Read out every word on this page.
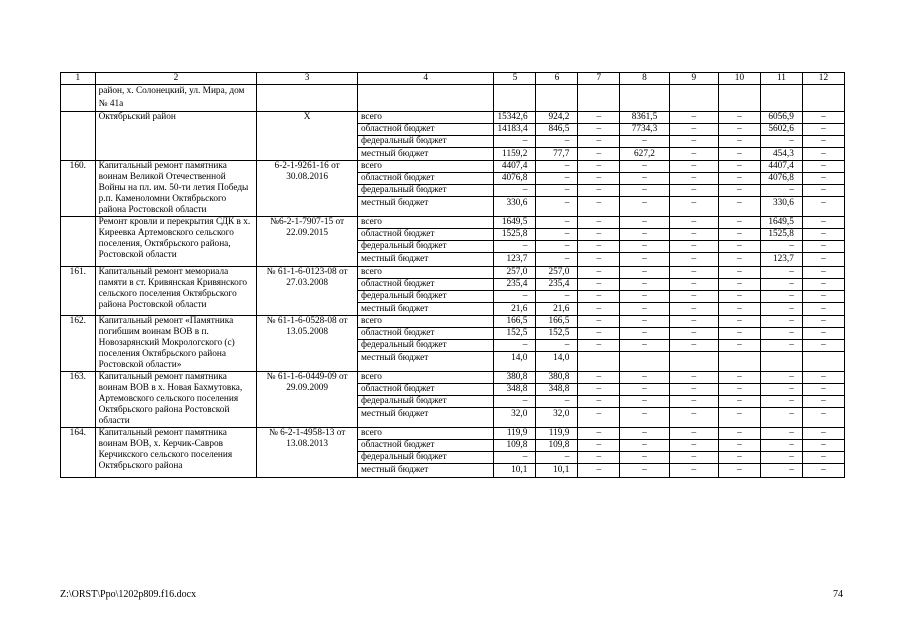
1	2	3	4	5	6	7	8	9	10	11	12
	район, х. Солонецкий, ул. Мира, дом № 41а										
	Октябрьский район	Х	всего	15342,6	924,2	–	8361,5	–	–	6056,9	–
			областной бюджет	14183,4	846,5	–	7734,3	–	–	5602,6	–
			федеральный бюджет	–	–	–	–	–	–	–	–
			местный бюджет	1159,2	77,7	–	627,2	–	–	454,3	–
160.	Капитальный ремонт памятника воинам Великой Отечественной Войны на пл. им. 50-ти летия Победы р.п. Каменоломни Октябрьского района Ростовской области	6-2-1-9261-16 от 30.08.2016	всего	4407,4	–	–	–	–	–	4407,4	–
			областной бюджет	4076,8	–	–	–	–	–	4076,8	–
			федеральный бюджет	–	–	–	–	–	–	–	–
			местный бюджет	330,6	–	–	–	–	–	330,6	–
	Ремонт кровли и перекрытия СДК в х. Киреевка Артемовского сельского поселения, Октябрьского района, Ростовской области	№6-2-1-7907-15 от 22.09.2015	всего	1649,5	–	–	–	–	–	1649,5	–
			областной бюджет	1525,8	–	–	–	–	–	1525,8	–
			федеральный бюджет	–	–	–	–	–	–	–	–
			местный бюджет	123,7	–	–	–	–	–	123,7	–
161.	Капитальный ремонт мемориала памяти в ст. Кривянская Кривянского сельского поселения Октябрьского района Ростовской области	№ 61-1-6-0123-08 от 27.03.2008	всего	257,0	257,0	–	–	–	–	–	–
			областной бюджет	235,4	235,4	–	–	–	–	–	–
			федеральный бюджет	–	–	–	–	–	–	–	–
			местный бюджет	21,6	21,6	–	–	–	–	–	–
162.	Капитальный ремонт «Памятника погибшим воинам ВОВ в п. Новозарянский Мокрологского (с) поселения Октябрьского района Ростовской области»	№ 61-1-6-0528-08 от 13.05.2008	всего	166,5	166,5	–	–	–	–	–	–
			областной бюджет	152,5	152,5	–	–	–	–	–	–
			федеральный бюджет	–	–	–	–	–	–	–	–
			местный бюджет	14,0	14,0						
163.	Капитальный ремонт памятника воинам ВОВ в х. Новая Бахмутовка, Артемовского сельского поселения Октябрьского района Ростовской области	№ 61-1-6-0449-09 от 29.09.2009	всего	380,8	380,8	–	–	–	–	–	–
			областной бюджет	348,8	348,8	–	–	–	–	–	–
			федеральный бюджет	–	–	–	–	–	–	–	–
			местный бюджет	32,0	32,0	–	–	–	–	–	–
164.	Капитальный ремонт памятника воинам ВОВ, х. Керчик-Савров Керчикского сельского поселения Октябрьского района	№ 6-2-1-4958-13 от 13.08.2013	всего	119,9	119,9	–	–	–	–	–	–
			областной бюджет	109,8	109,8	–	–	–	–	–	–
			федеральный бюджет	–	–	–	–	–	–	–	–
			местный бюджет	10,1	10,1	–	–	–	–	–	–
Z:\ORST\Ppo\1202p809.f16.docx	74
